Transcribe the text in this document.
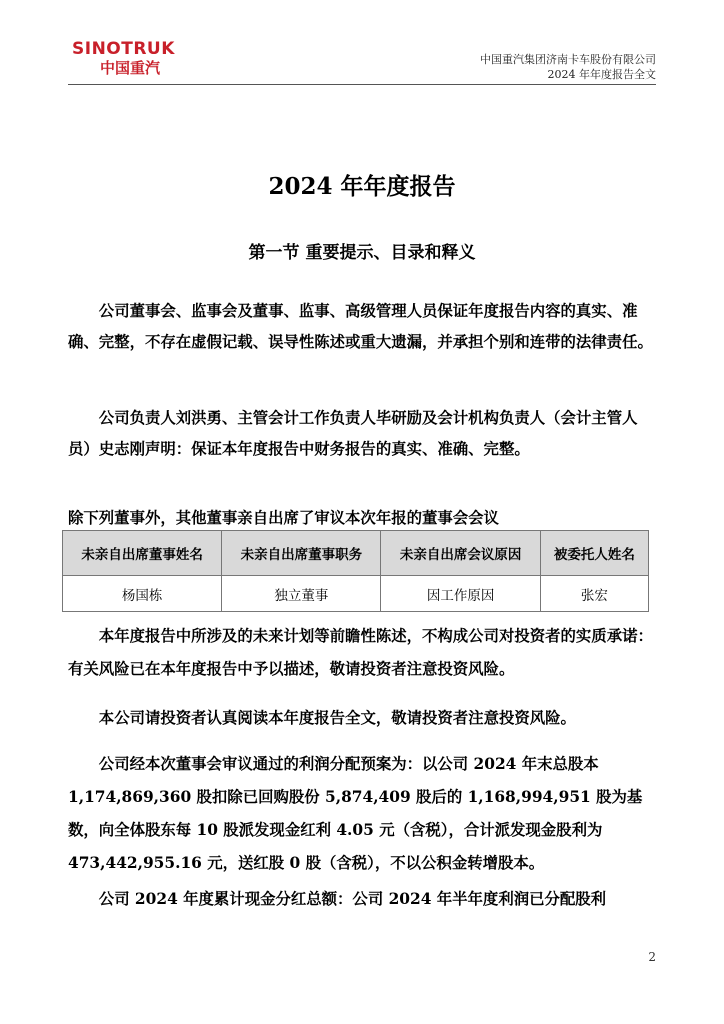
SINOTRUK
中国重汽	中国重汽集团济南卡车股份有限公司
2024 年年度报告全文
2024 年年度报告
第一节 重要提示、目录和释义

公司董事会、监事会及董事、监事、高级管理人员保证年度报告内容的真实、准确、完整，不存在虚假记载、误导性陈述或重大遗漏，并承担个别和连带的法律责任。

公司负责人刘洪勇、主管会计工作负责人毕研励及会计机构负责人（会计主管人员）史志刚声明：保证本年度报告中财务报告的真实、准确、完整。

除下列董事外，其他董事亲自出席了审议本次年报的董事会会议

未亲自出席董事姓名	未亲自出席董事职务	未亲自出席会议原因	被委托人姓名
杨国栋	独立董事	因工作原因	张宏

本年度报告中所涉及的未来计划等前瞻性陈述，不构成公司对投资者的实质承诺：有关风险已在本年度报告中予以描述，敬请投资者注意投资风险。

本公司请投资者认真阅读本年度报告全文，敬请投资者注意投资风险。

公司经本次董事会审议通过的利润分配预案为：以公司 2024 年末总股本 1,174,869,360 股扣除已回购股份 5,874,409 股后的 1,168,994,951 股为基数，向全体股东每 10 股派发现金红利 4.05 元（含税），合计派发现金股利为 473,442,955.16 元，送红股 0 股（含税），不以公积金转增股本。

公司 2024 年度累计现金分红总额：公司 2024 年半年度利润已分配股利

2
